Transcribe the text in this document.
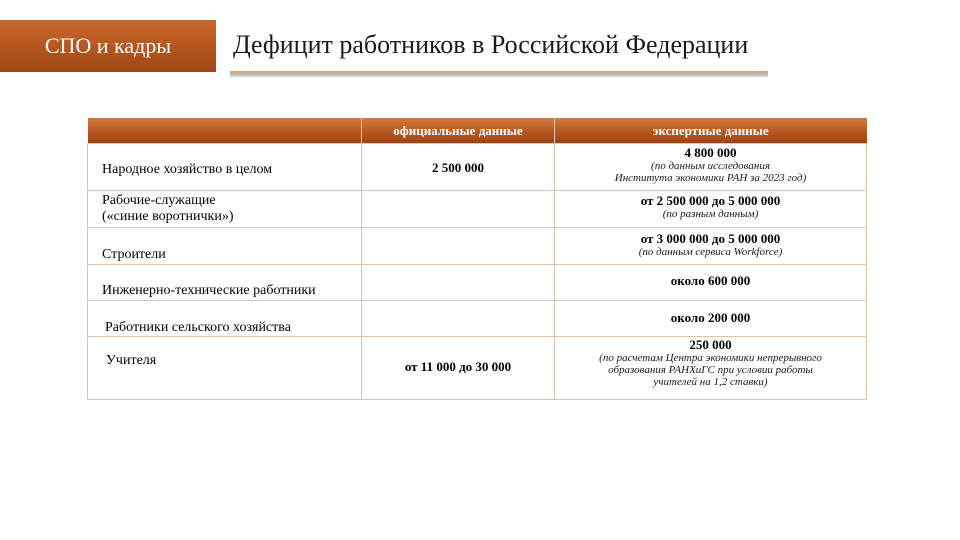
СПО и кадры	Дефицит работников в Российской Федерации
	официальные данные	экспертные данные

Народное хозяйство в целом	2 500 000	4 800 000
(по данным исследования
Института экономики РАН за 2023 год)

Рабочие-служащие
(«синие воротнички»)		от 2 500 000 до 5 000 000
(по разным данным)

Строители		от 3 000 000 до 5 000 000
(по данным сервиса Workforce)

Инженерно-технические работники		около 600 000

Работники сельского хозяйства		около 200 000

Учителя	от 11 000 до 30 000	250 000
(по расчетам Центра экономики непрерывного
образования РАНХиГС при условии работы
учителей на 1,2 ставки)
